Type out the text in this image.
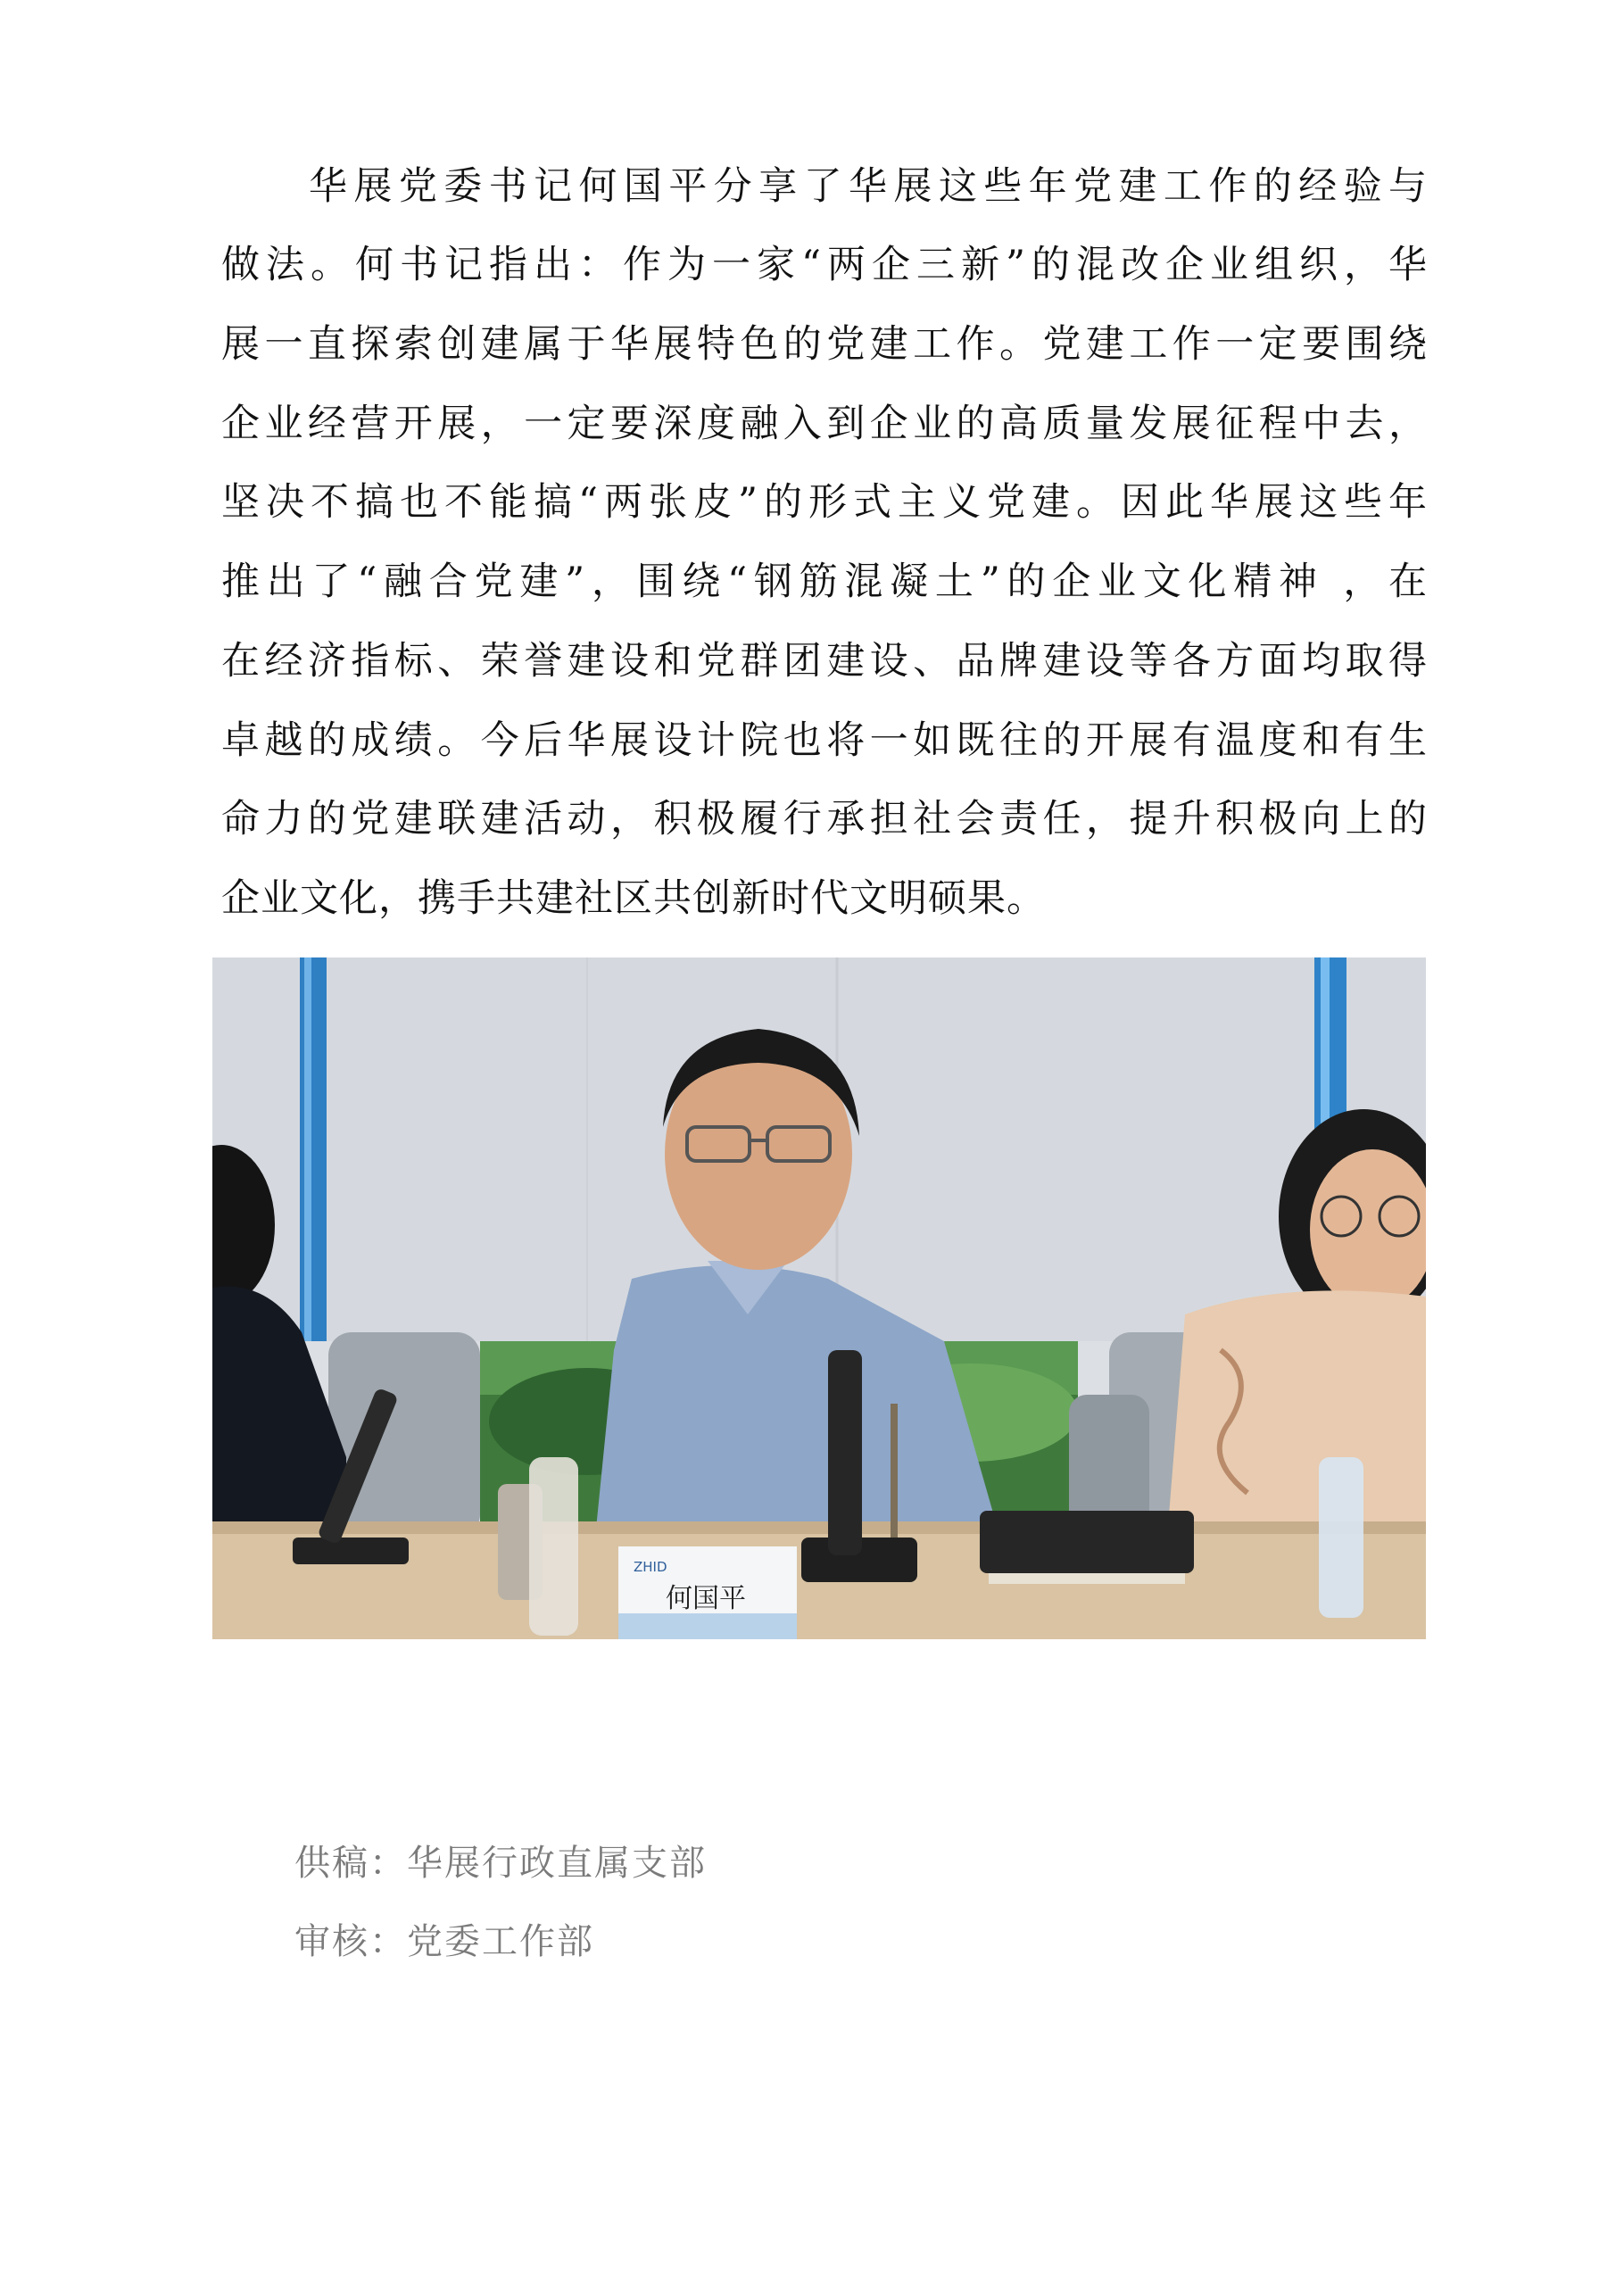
华展党委书记何国平分享了华展这些年党建工作的经验与
做法。何书记指出：作为一家“两企三新”的混改企业组织，华
展一直探索创建属于华展特色的党建工作。党建工作一定要围绕
企业经营开展，一定要深度融入到企业的高质量发展征程中去，
坚决不搞也不能搞“两张皮”的形式主义党建。因此华展这些年
推出了“融合党建”，围绕“钢筋混凝土”的企业文化精神 ，在
在经济指标、荣誉建设和党群团建设、品牌建设等各方面均取得
卓越的成绩。今后华展设计院也将一如既往的开展有温度和有生
命力的党建联建活动，积极履行承担社会责任，提升积极向上的
企业文化，携手共建社区共创新时代文明硕果。
ZHID
何国平
供稿：华展行政直属支部
审核：党委工作部
